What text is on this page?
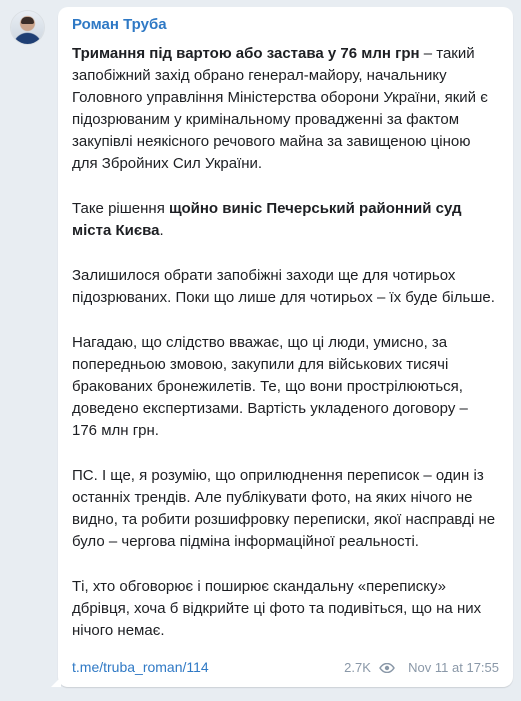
Роман Труба

Тримання під вартою або застава у 76 млн грн – такий запобіжний захід обрано генерал-майору, начальнику Головного управління Міністерства оборони України, який є підозрюваним у кримінальному провадженні за фактом закупівлі неякісного речового майна за завищеною ціною для Збройних Сил України.

Таке рішення щойно виніс Печерський районний суд міста Києва.

Залишилося обрати запобіжні заходи ще для чотирьох підозрюваних. Поки що лише для чотирьох – їх буде більше.

Нагадаю, що слідство вважає, що ці люди, умисно, за попередньою змовою, закупили для військових тисячі бракованих бронежилетів. Те, що вони прострілюються, доведено експертизами. Вартість укладеного договору – 176 млн грн.

ПС. І ще, я розумію, що оприлюднення переписок – один із останніх трендів. Але публікувати фото, на яких нічого не видно, та робити розшифровку переписки, якої насправді не було – чергова підміна інформаційної реальності.

Ті, хто обговорює і поширює скандальну «переписку» дбрівця, хоча б відкрийте ці фото та подивіться, що на них нічого немає.

t.me/truba_roman/114	2.7K	Nov 11 at 17:55
